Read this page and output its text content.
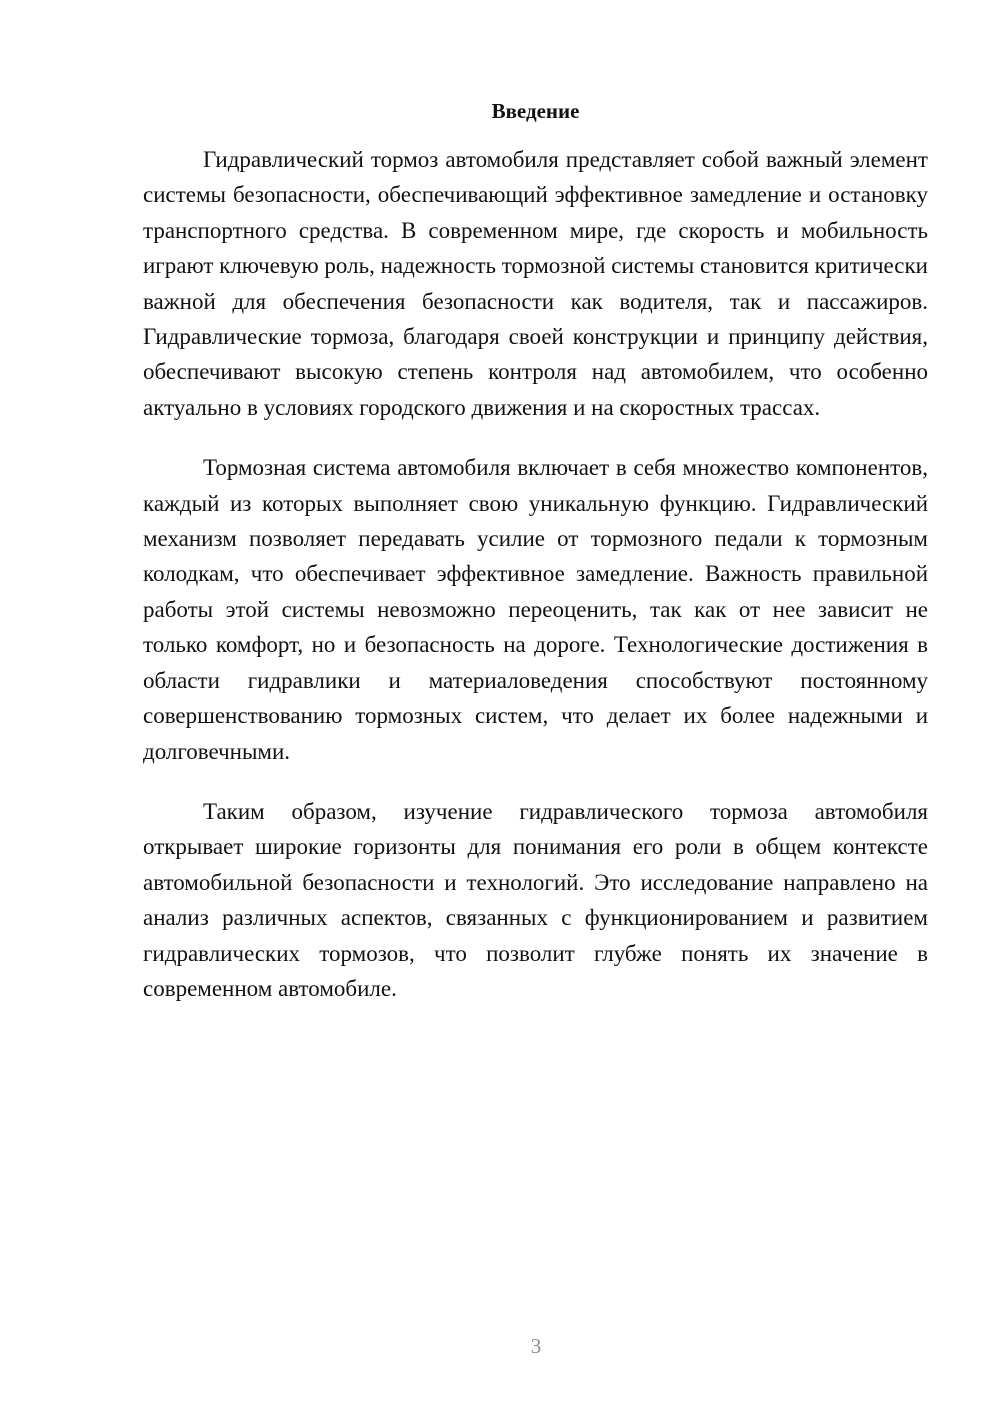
Введение

Гидравлический тормоз автомобиля представляет собой важный элемент системы безопасности, обеспечивающий эффективное замедление и остановку транспортного средства. В современном мире, где скорость и мобильность играют ключевую роль, надежность тормозной системы становится критически важной для обеспечения безопасности как водителя, так и пассажиров. Гидравлические тормоза, благодаря своей конструкции и принципу действия, обеспечивают высокую степень контроля над автомобилем, что особенно актуально в условиях городского движения и на скоростных трассах.

Тормозная система автомобиля включает в себя множество компонентов, каждый из которых выполняет свою уникальную функцию. Гидравлический механизм позволяет передавать усилие от тормозного педали к тормозным колодкам, что обеспечивает эффективное замедление. Важность правильной работы этой системы невозможно переоценить, так как от нее зависит не только комфорт, но и безопасность на дороге. Технологические достижения в области гидравлики и материаловедения способствуют постоянному совершенствованию тормозных систем, что делает их более надежными и долговечными.

Таким образом, изучение гидравлического тормоза автомобиля открывает широкие горизонты для понимания его роли в общем контексте автомобильной безопасности и технологий. Это исследование направлено на анализ различных аспектов, связанных с функционированием и развитием гидравлических тормозов, что позволит глубже понять их значение в современном автомобиле.

3
